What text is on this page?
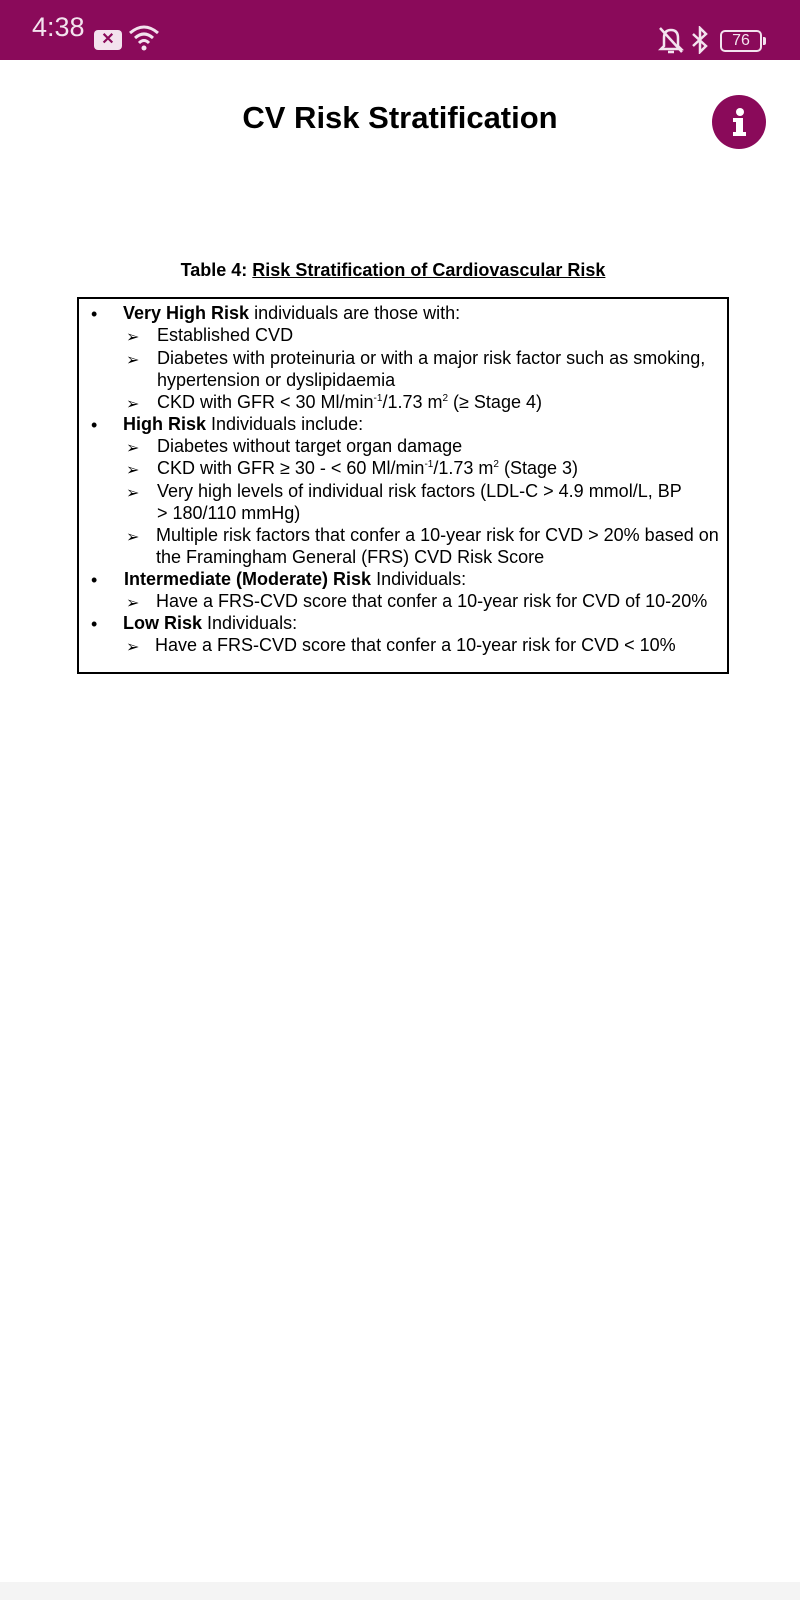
4:38	✕	76
CV Risk Stratification
Table 4: Risk Stratification of Cardiovascular Risk
• Very High Risk individuals are those with:
➢ Established CVD
➢ Diabetes with proteinuria or with a major risk factor such as smoking,
hypertension or dyslipidaemia
➢ CKD with GFR < 30 $Ml/\min^{-1}/1.73$ $m^2$ (≥ Stage 4)
• High Risk Individuals include:
➢ Diabetes without target organ damage
➢ CKD with GFR ≥ 30 - < 60 $Ml/\min^{-1}/1.73$ $m^2$ (Stage 3)
➢ Very high levels of individual risk factors (LDL-C > 4.9 mmol/L, BP
> 180/110 mmHg)
➢ Multiple risk factors that confer a 10-year risk for CVD > 20% based on
the Framingham General (FRS) CVD Risk Score
• Intermediate (Moderate) Risk Individuals:
➢ Have a FRS-CVD score that confer a 10-year risk for CVD of 10-20%
• Low Risk Individuals:
➢ Have a FRS-CVD score that confer a 10-year risk for CVD < 10%
